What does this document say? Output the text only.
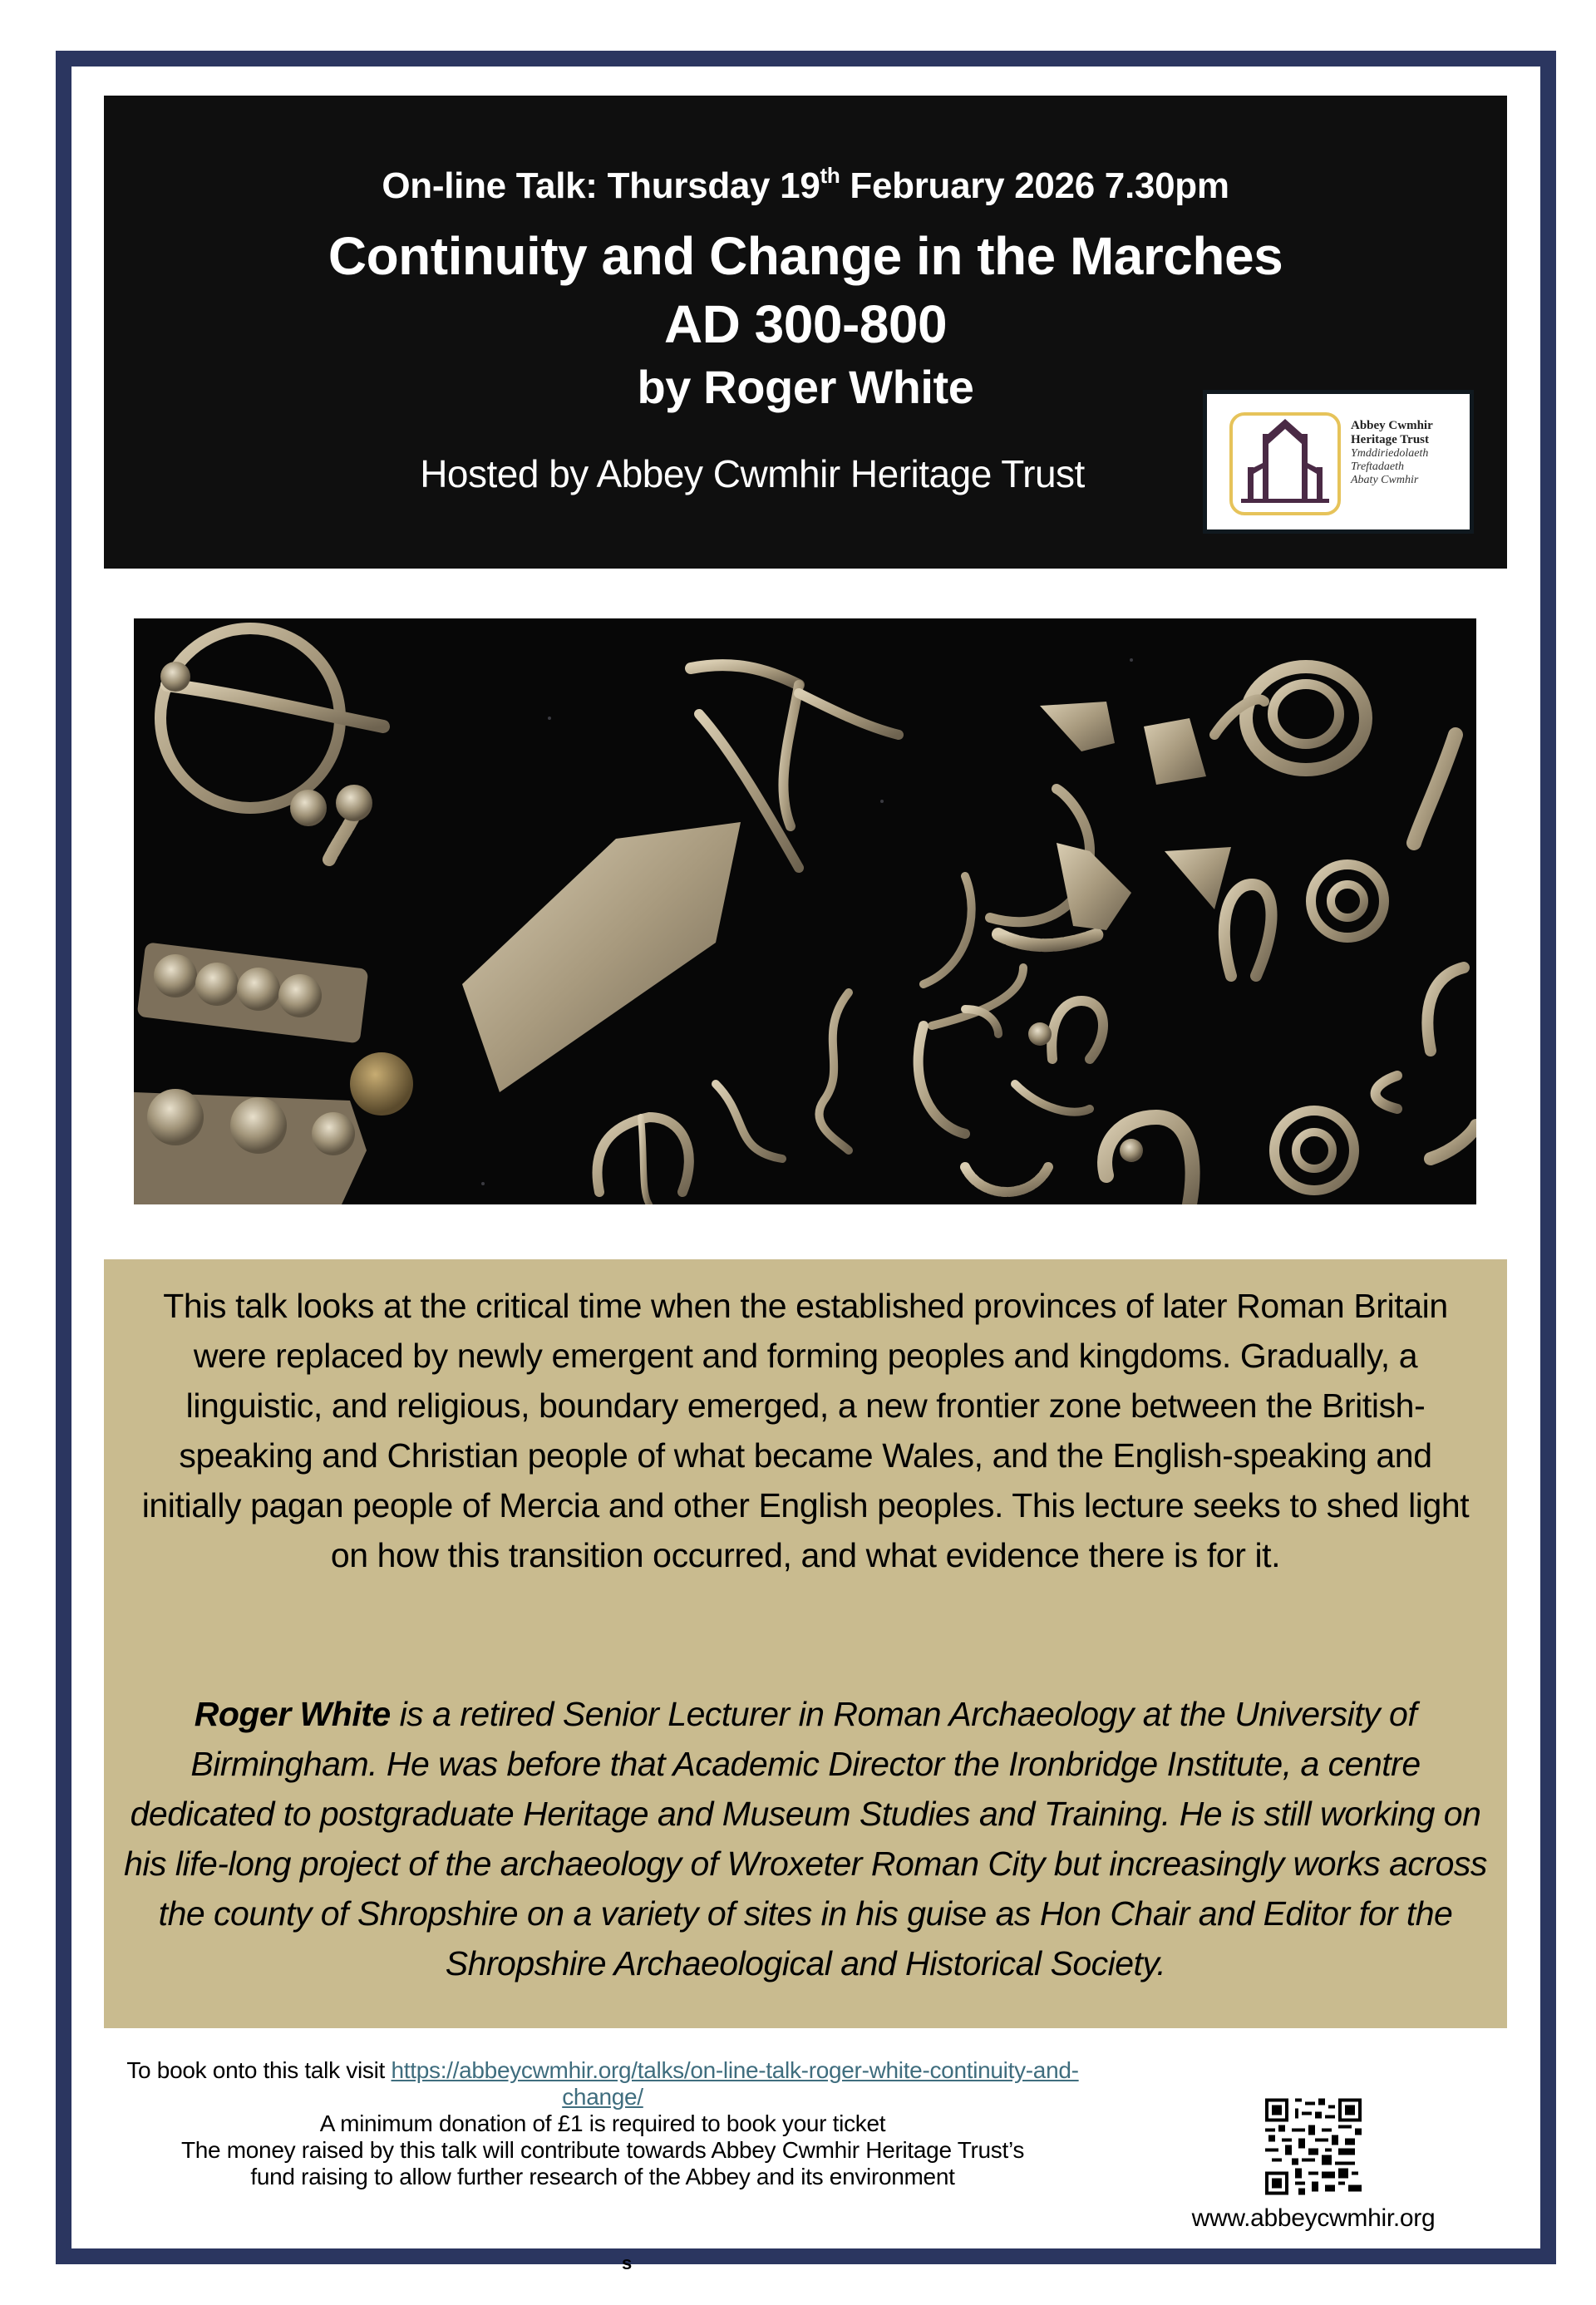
On-line Talk: Thursday 19th February 2026 7.30pm
Continuity and Change in the Marches
AD 300-800
by Roger White
Hosted by Abbey Cwmhir Heritage Trust
Abbey Cwmhir
Heritage Trust
Ymddiriedolaeth
Treftadaeth
Abaty Cwmhir

This talk looks at the critical time when the established provinces of later Roman Britain were replaced by newly emergent and forming peoples and kingdoms. Gradually, a linguistic, and religious, boundary emerged, a new frontier zone between the British-speaking and Christian people of what became Wales, and the English-speaking and initially pagan people of Mercia and other English peoples. This lecture seeks to shed light on how this transition occurred, and what evidence there is for it.

Roger White is a retired Senior Lecturer in Roman Archaeology at the University of Birmingham. He was before that Academic Director the Ironbridge Institute, a centre dedicated to postgraduate Heritage and Museum Studies and Training. He is still working on his life-long project of the archaeology of Wroxeter Roman City but increasingly works across the county of Shropshire on a variety of sites in his guise as Hon Chair and Editor for the Shropshire Archaeological and Historical Society.

To book onto this talk visit https://abbeycwmhir.org/talks/on-line-talk-roger-white-continuity-and-change/
A minimum donation of £1 is required to book your ticket
The money raised by this talk will contribute towards Abbey Cwmhir Heritage Trust’s
fund raising to allow further research of the Abbey and its environment
www.abbeycwmhir.org
s
